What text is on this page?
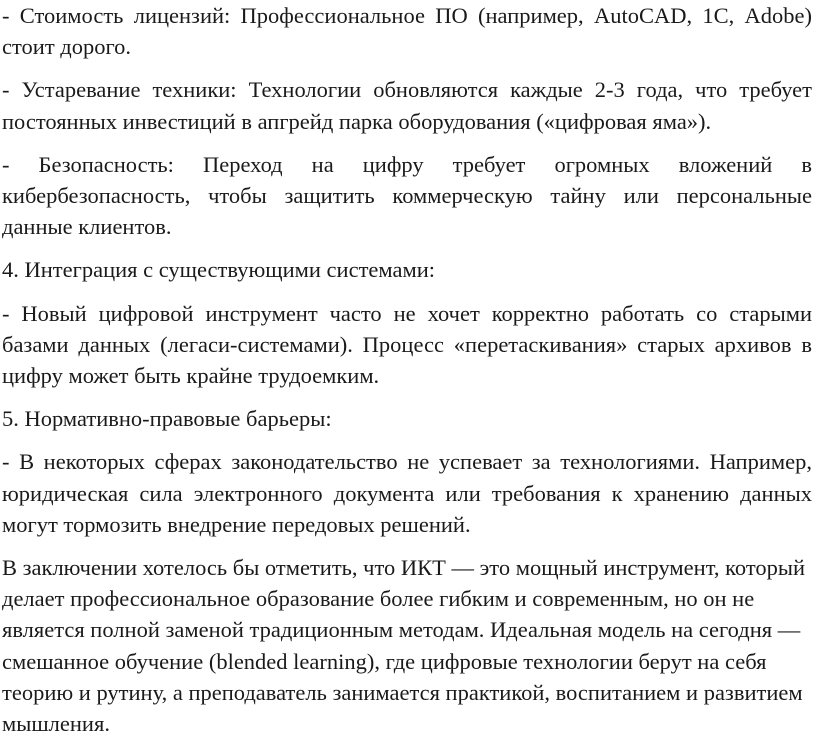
- Стоимость лицензий: Профессиональное ПО (например, AutoCAD, 1С, Adobe) стоит дорого.

- Устаревание техники: Технологии обновляются каждые 2-3 года, что требует постоянных инвестиций в апгрейд парка оборудования («цифровая яма»).

- Безопасность: Переход на цифру требует огромных вложений в кибербезопасность, чтобы защитить коммерческую тайну или персональные данные клиентов.

4. Интеграция с существующими системами:

- Новый цифровой инструмент часто не хочет корректно работать со старыми базами данных (легаси-системами). Процесс «перетаскивания» старых архивов в цифру может быть крайне трудоемким.

5. Нормативно-правовые барьеры:

- В некоторых сферах законодательство не успевает за технологиями. Например, юридическая сила электронного документа или требования к хранению данных могут тормозить внедрение передовых решений.

В заключении хотелось бы отметить, что ИКТ — это мощный инструмент, который делает профессиональное образование более гибким и современным, но он не является полной заменой традиционным методам. Идеальная модель на сегодня — смешанное обучение (blended learning), где цифровые технологии берут на себя теорию и рутину, а преподаватель занимается практикой, воспитанием и развитием мышления.
